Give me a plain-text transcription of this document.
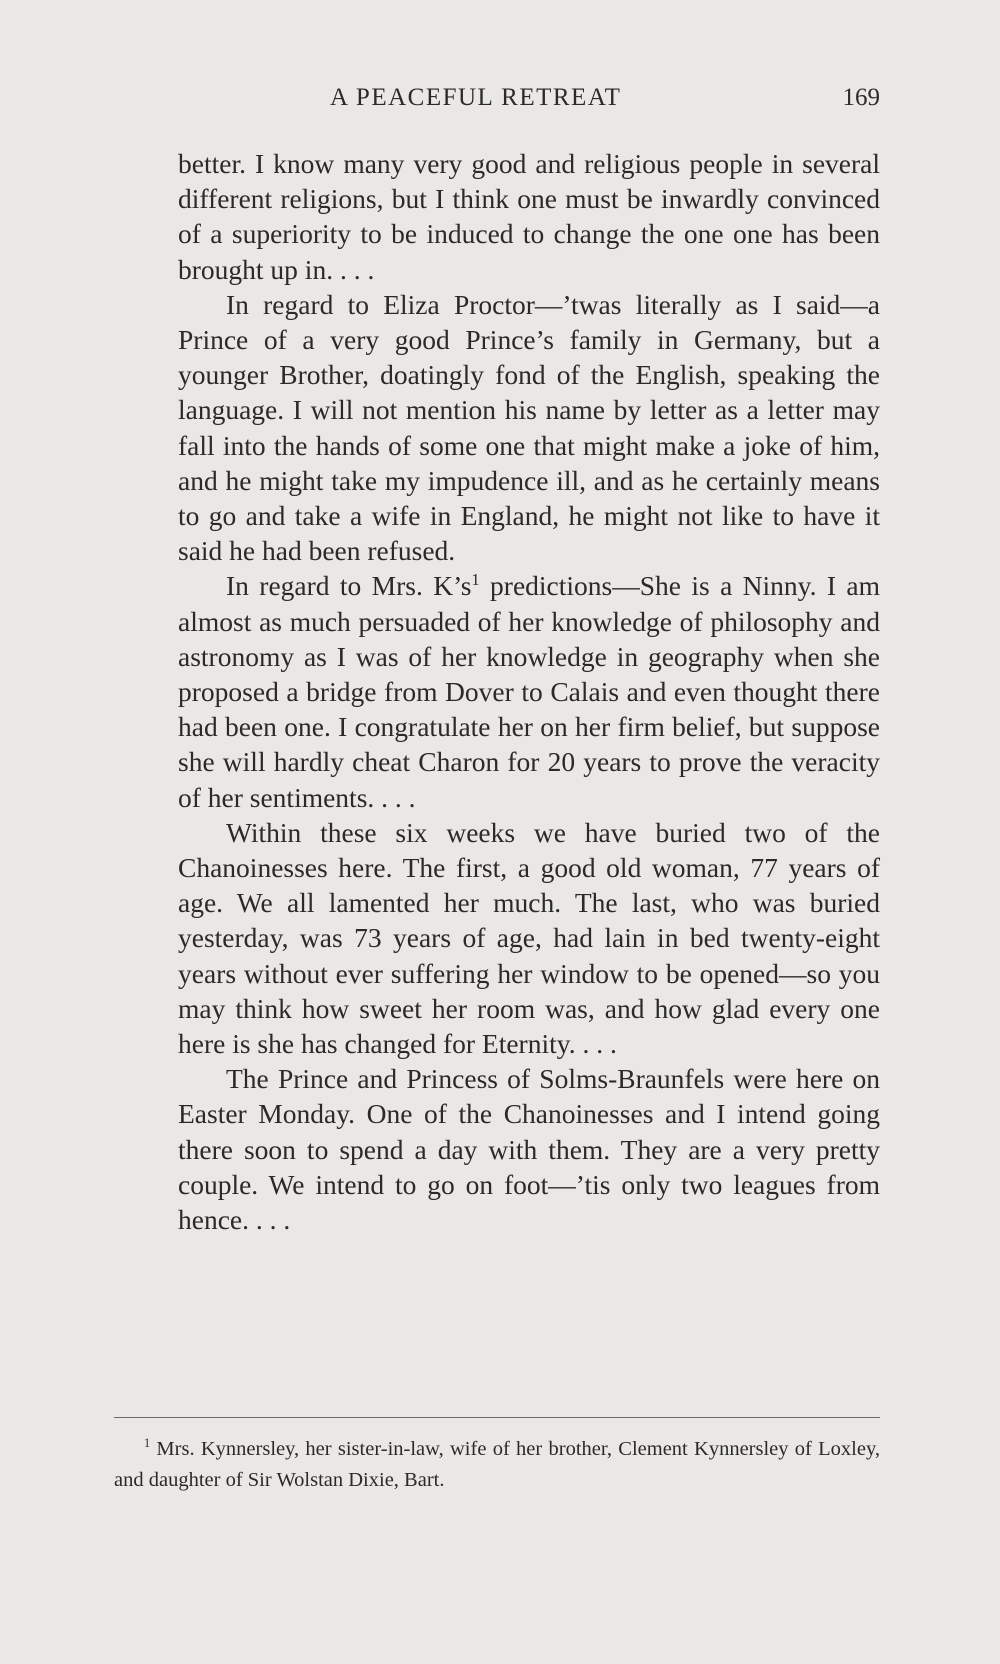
A PEACEFUL RETREAT	169

better. I know many very good and religious people in several different religions, but I think one must be inwardly convinced of a superiority to be induced to change the one one has been brought up in. . . .

In regard to Eliza Proctor—’twas literally as I said—a Prince of a very good Prince’s family in Germany, but a younger Brother, doatingly fond of the English, speaking the language. I will not mention his name by letter as a letter may fall into the hands of some one that might make a joke of him, and he might take my impudence ill, and as he certainly means to go and take a wife in England, he might not like to have it said he had been refused.

In regard to Mrs. $K’s^1$ predictions—She is a Ninny. I am almost as much persuaded of her knowledge of philosophy and astronomy as I was of her knowledge in geography when she proposed a bridge from Dover to Calais and even thought there had been one. I congratulate her on her firm belief, but suppose she will hardly cheat Charon for 20 years to prove the veracity of her sentiments. . . .

Within these six weeks we have buried two of the Chanoinesses here. The first, a good old woman, 77 years of age. We all lamented her much. The last, who was buried yesterday, was 73 years of age, had lain in bed twenty-eight years without ever suffering her window to be opened—so you may think how sweet her room was, and how glad every one here is she has changed for Eternity. . . .

The Prince and Princess of Solms-Braunfels were here on Easter Monday. One of the Chanoinesses and I intend going there soon to spend a day with them. They are a very pretty couple. We intend to go on foot—’tis only two leagues from hence. . . .

$^1$ Mrs. Kynnersley, her sister-in-law, wife of her brother, Clement Kynnersley of Loxley, and daughter of Sir Wolstan Dixie, Bart.
